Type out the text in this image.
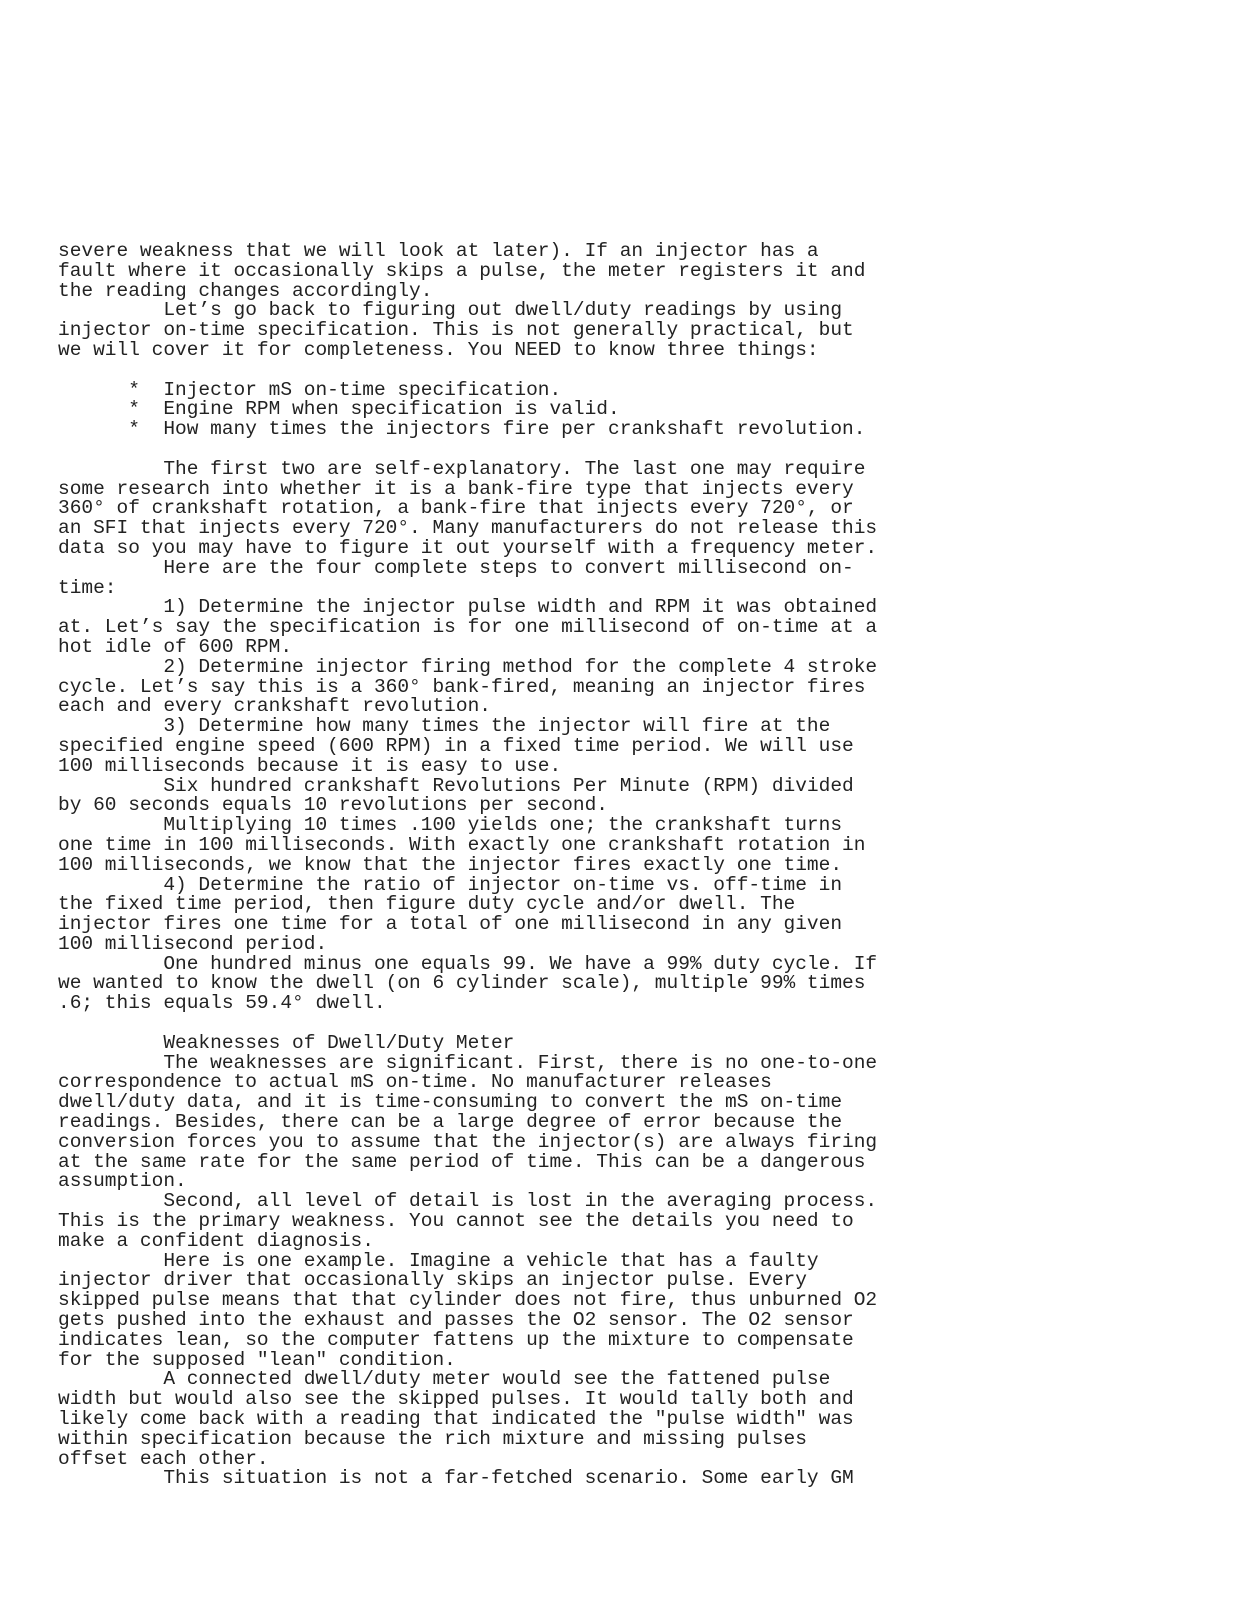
severe weakness that we will look at later). If an injector has a
fault where it occasionally skips a pulse, the meter registers it and
the reading changes accordingly.
Let’s go back to figuring out dwell/duty readings by using
injector on-time specification. This is not generally practical, but
we will cover it for completeness. You NEED to know three things:
*  Injector mS on-time specification.
*  Engine RPM when specification is valid.
*  How many times the injectors fire per crankshaft revolution.
The first two are self-explanatory. The last one may require
some research into whether it is a bank-fire type that injects every
360° of crankshaft rotation, a bank-fire that injects every 720°, or
an SFI that injects every 720°. Many manufacturers do not release this
data so you may have to figure it out yourself with a frequency meter.
Here are the four complete steps to convert millisecond on-
time:
1) Determine the injector pulse width and RPM it was obtained
at. Let’s say the specification is for one millisecond of on-time at a
hot idle of 600 RPM.
2) Determine injector firing method for the complete 4 stroke
cycle. Let’s say this is a 360° bank-fired, meaning an injector fires
each and every crankshaft revolution.
3) Determine how many times the injector will fire at the
specified engine speed (600 RPM) in a fixed time period. We will use
100 milliseconds because it is easy to use.
Six hundred crankshaft Revolutions Per Minute (RPM) divided
by 60 seconds equals 10 revolutions per second.
Multiplying 10 times .100 yields one; the crankshaft turns
one time in 100 milliseconds. With exactly one crankshaft rotation in
100 milliseconds, we know that the injector fires exactly one time.
4) Determine the ratio of injector on-time vs. off-time in
the fixed time period, then figure duty cycle and/or dwell. The
injector fires one time for a total of one millisecond in any given
100 millisecond period.
One hundred minus one equals 99. We have a 99% duty cycle. If
we wanted to know the dwell (on 6 cylinder scale), multiple 99% times
.6; this equals 59.4° dwell.
Weaknesses of Dwell/Duty Meter
The weaknesses are significant. First, there is no one-to-one
correspondence to actual mS on-time. No manufacturer releases
dwell/duty data, and it is time-consuming to convert the mS on-time
readings. Besides, there can be a large degree of error because the
conversion forces you to assume that the injector(s) are always firing
at the same rate for the same period of time. This can be a dangerous
assumption.
Second, all level of detail is lost in the averaging process.
This is the primary weakness. You cannot see the details you need to
make a confident diagnosis.
Here is one example. Imagine a vehicle that has a faulty
injector driver that occasionally skips an injector pulse. Every
skipped pulse means that that cylinder does not fire, thus unburned O2
gets pushed into the exhaust and passes the O2 sensor. The O2 sensor
indicates lean, so the computer fattens up the mixture to compensate
for the supposed "lean" condition.
A connected dwell/duty meter would see the fattened pulse
width but would also see the skipped pulses. It would tally both and
likely come back with a reading that indicated the "pulse width" was
within specification because the rich mixture and missing pulses
offset each other.
This situation is not a far-fetched scenario. Some early GM
